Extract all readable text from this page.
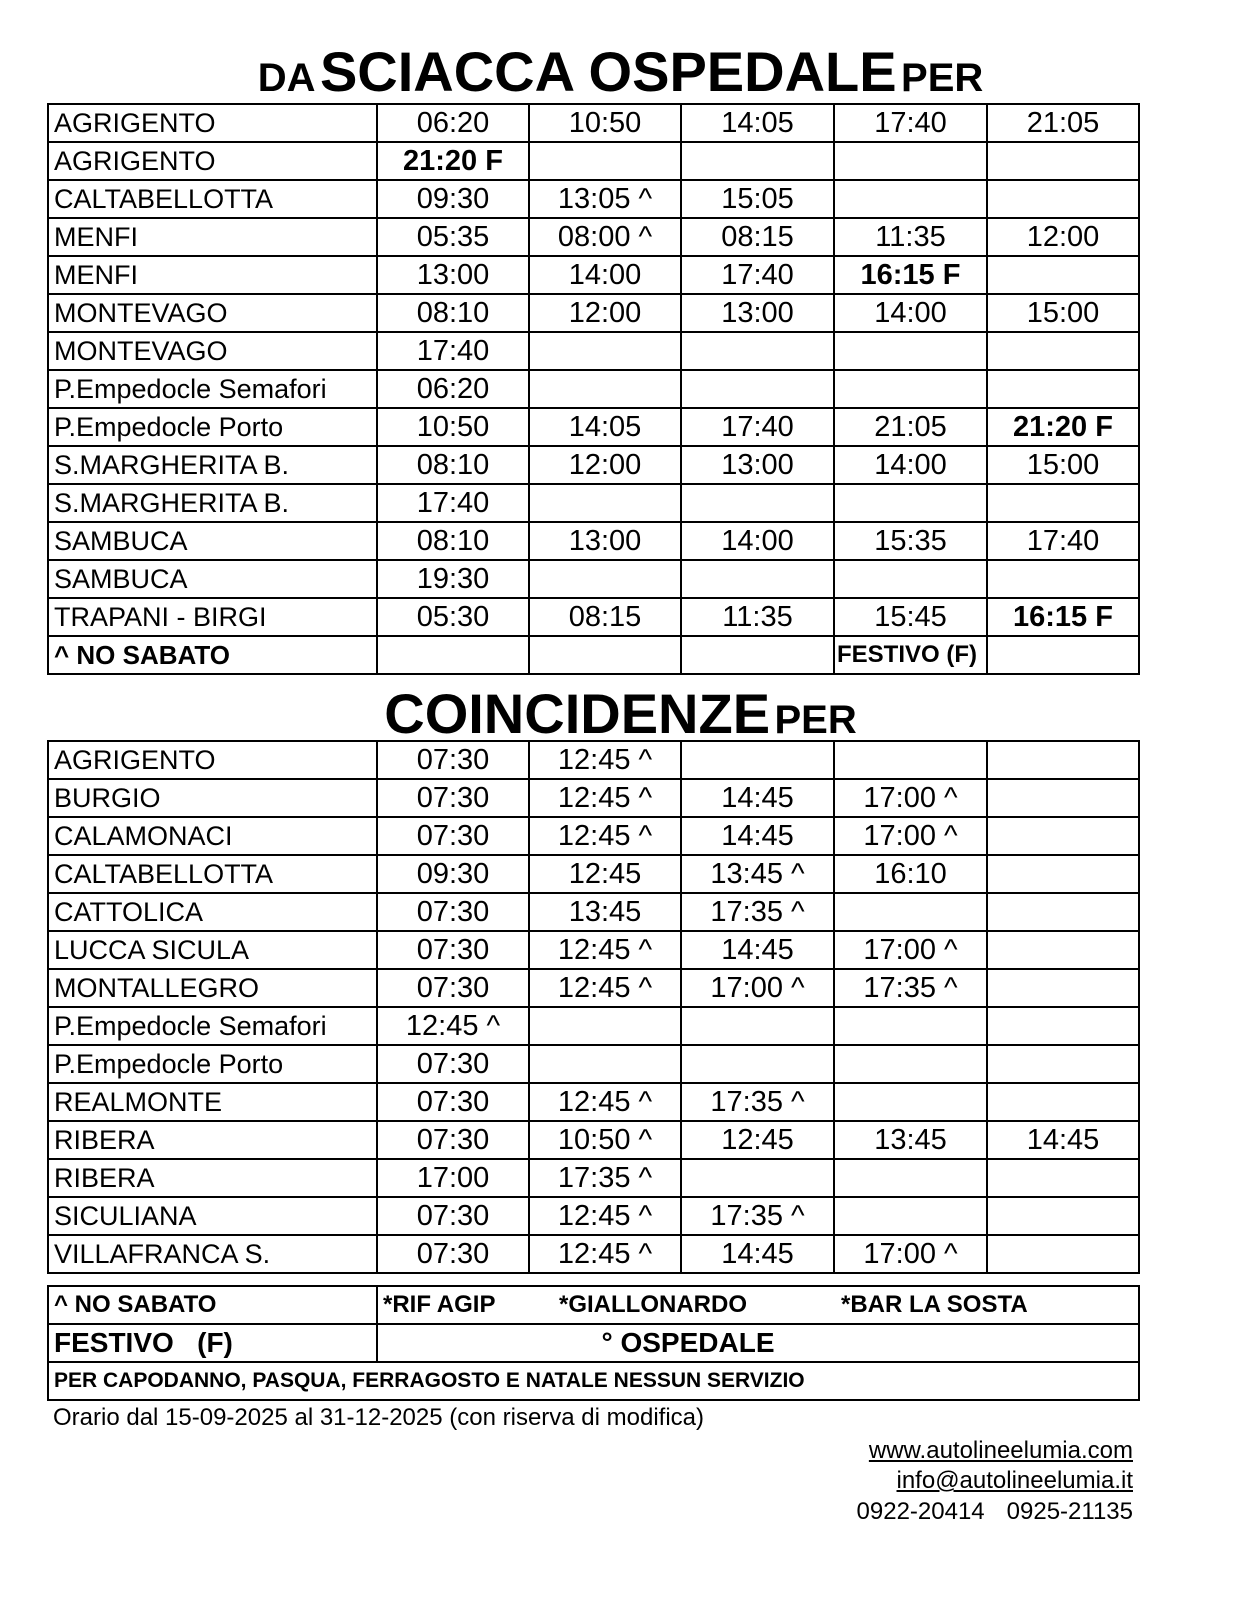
DA SCIACCA OSPEDALE PER
AGRIGENTO	06:20	10:50	14:05	17:40	21:05
AGRIGENTO	21:20 F				
CALTABELLOTTA	09:30	13:05 ^	15:05		
MENFI	05:35	08:00 ^	08:15	11:35	12:00
MENFI	13:00	14:00	17:40	16:15 F	
MONTEVAGO	08:10	12:00	13:00	14:00	15:00
MONTEVAGO	17:40				
P.Empedocle Semafori	06:20				
P.Empedocle Porto	10:50	14:05	17:40	21:05	21:20 F
S.MARGHERITA B.	08:10	12:00	13:00	14:00	15:00
S.MARGHERITA B.	17:40				
SAMBUCA	08:10	13:00	14:00	15:35	17:40
SAMBUCA	19:30				
TRAPANI - BIRGI	05:30	08:15	11:35	15:45	16:15 F
^ NO SABATO				FESTIVO (F)	
COINCIDENZE PER
AGRIGENTO	07:30	12:45 ^			
BURGIO	07:30	12:45 ^	14:45	17:00 ^	
CALAMONACI	07:30	12:45 ^	14:45	17:00 ^	
CALTABELLOTTA	09:30	12:45	13:45 ^	16:10	
CATTOLICA	07:30	13:45	17:35 ^		
LUCCA SICULA	07:30	12:45 ^	14:45	17:00 ^	
MONTALLEGRO	07:30	12:45 ^	17:00 ^	17:35 ^	
P.Empedocle Semafori	12:45 ^				
P.Empedocle Porto	07:30				
REALMONTE	07:30	12:45 ^	17:35 ^		
RIBERA	07:30	10:50 ^	12:45	13:45	14:45
RIBERA	17:00	17:35 ^			
SICULIANA	07:30	12:45 ^	17:35 ^		
VILLAFRANCA S.	07:30	12:45 ^	14:45	17:00 ^	
^ NO SABATO	*RIF AGIP *GIALLONARDO *BAR LA SOSTA
FESTIVO   (F)	° OSPEDALE
PER CAPODANNO, PASQUA, FERRAGOSTO E NATALE NESSUN SERVIZIO	
Orario dal 15-09-2025 al 31-12-2025 (con riserva di modifica)
www.autolineelumia.com
info@autolineelumia.it
0922-20414 0925-21135
